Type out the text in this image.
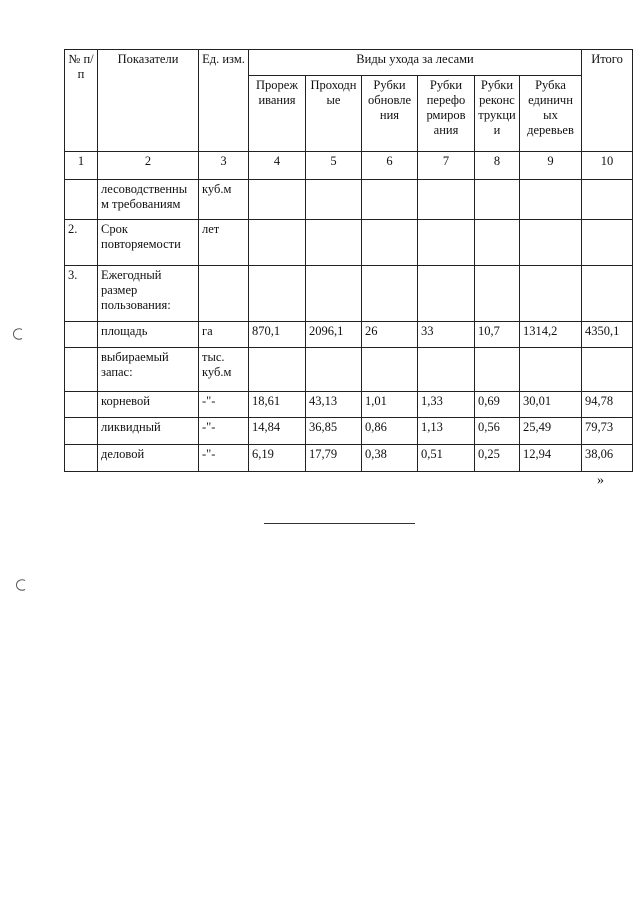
№ п/п	Показатели	Ед. изм.	Виды ухода за лесами						Итого
			Прореж ивания	Проходн ые	Рубки обновле ния	Рубки перефо рмиров ания	Рубки реконс трукци и	Рубка единичн ых деревьев	
1	2	3	4	5	6	7	8	9	10
	лесоводственны м требованиям	куб.м							
2.	Срок повторяемости	лет							
3.	Ежегодный размер пользования:								
	площадь	га	870,1	2096,1	26	33	10,7	1314,2	4350,1
	выбираемый запас:	тыс. куб.м							
	корневой	-"-	18,61	43,13	1,01	1,33	0,69	30,01	94,78
	ликвидный	-"-	14,84	36,85	0,86	1,13	0,56	25,49	79,73
	деловой	-"-	6,19	17,79	0,38	0,51	0,25	12,94	38,06
»
